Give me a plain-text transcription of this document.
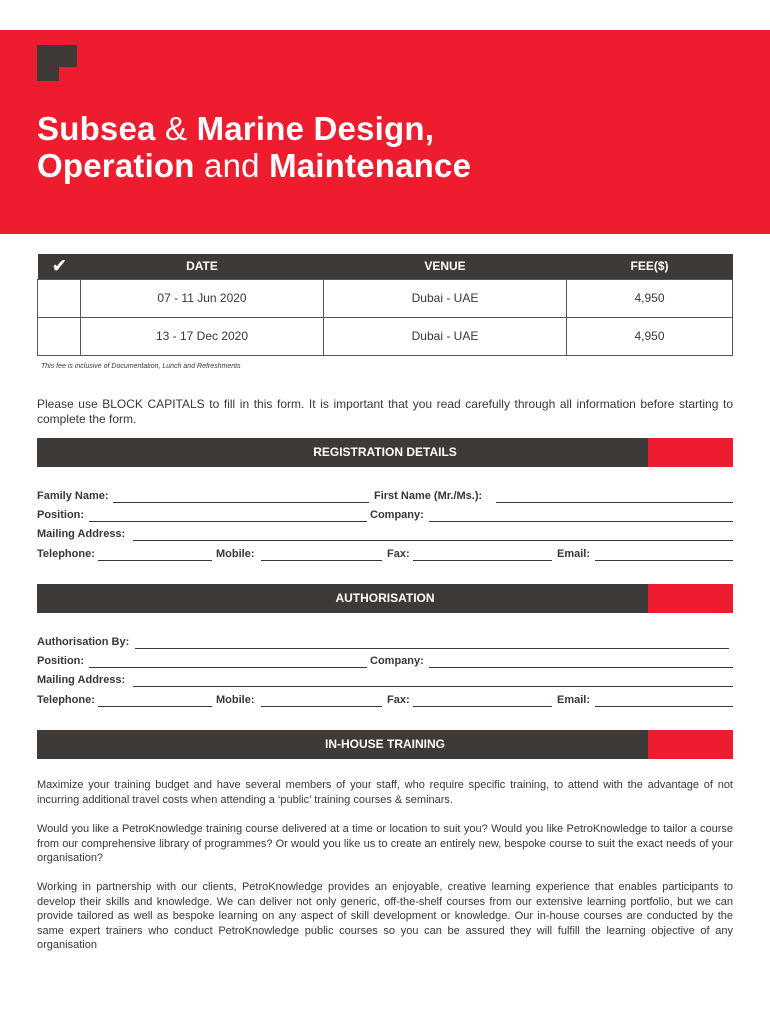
Subsea & Marine Design,
Operation and Maintenance
✔	DATE	VENUE	FEE($)
	07 - 11 Jun 2020	Dubai - UAE	4,950
	13 - 17 Dec 2020	Dubai - UAE	4,950
This fee is inclusive of Documentation, Lunch and Refreshments
Please use BLOCK CAPITALS to fill in this form. It is important that you read carefully through all information before starting to complete the form.
REGISTRATION DETAILS
Family Name:	First Name (Mr./Ms.):
Position:	Company:
Mailing Address:
Telephone:	Mobile:	Fax:	Email:
AUTHORISATION
Authorisation By:
Position:	Company:
Mailing Address:
Telephone:	Mobile:	Fax:	Email:
IN-HOUSE TRAINING
Maximize your training budget and have several members of your staff, who require specific training, to attend with the advantage of not incurring additional travel costs when attending a ‘public’ training courses & seminars.
Would you like a PetroKnowledge training course delivered at a time or location to suit you? Would you like PetroKnowledge to tailor a course from our comprehensive library of programmes? Or would you like us to create an entirely new, bespoke course to suit the exact needs of your organisation?
Working in partnership with our clients, PetroKnowledge provides an enjoyable, creative learning experience that enables participants to develop their skills and knowledge. We can deliver not only generic, off-the-shelf courses from our extensive learning portfolio, but we can provide tailored as well as bespoke learning on any aspect of skill development or knowledge. Our in-house courses are conducted by the same expert trainers who conduct PetroKnowledge public courses so you can be assured they will fulfill the learning objective of any organisation
